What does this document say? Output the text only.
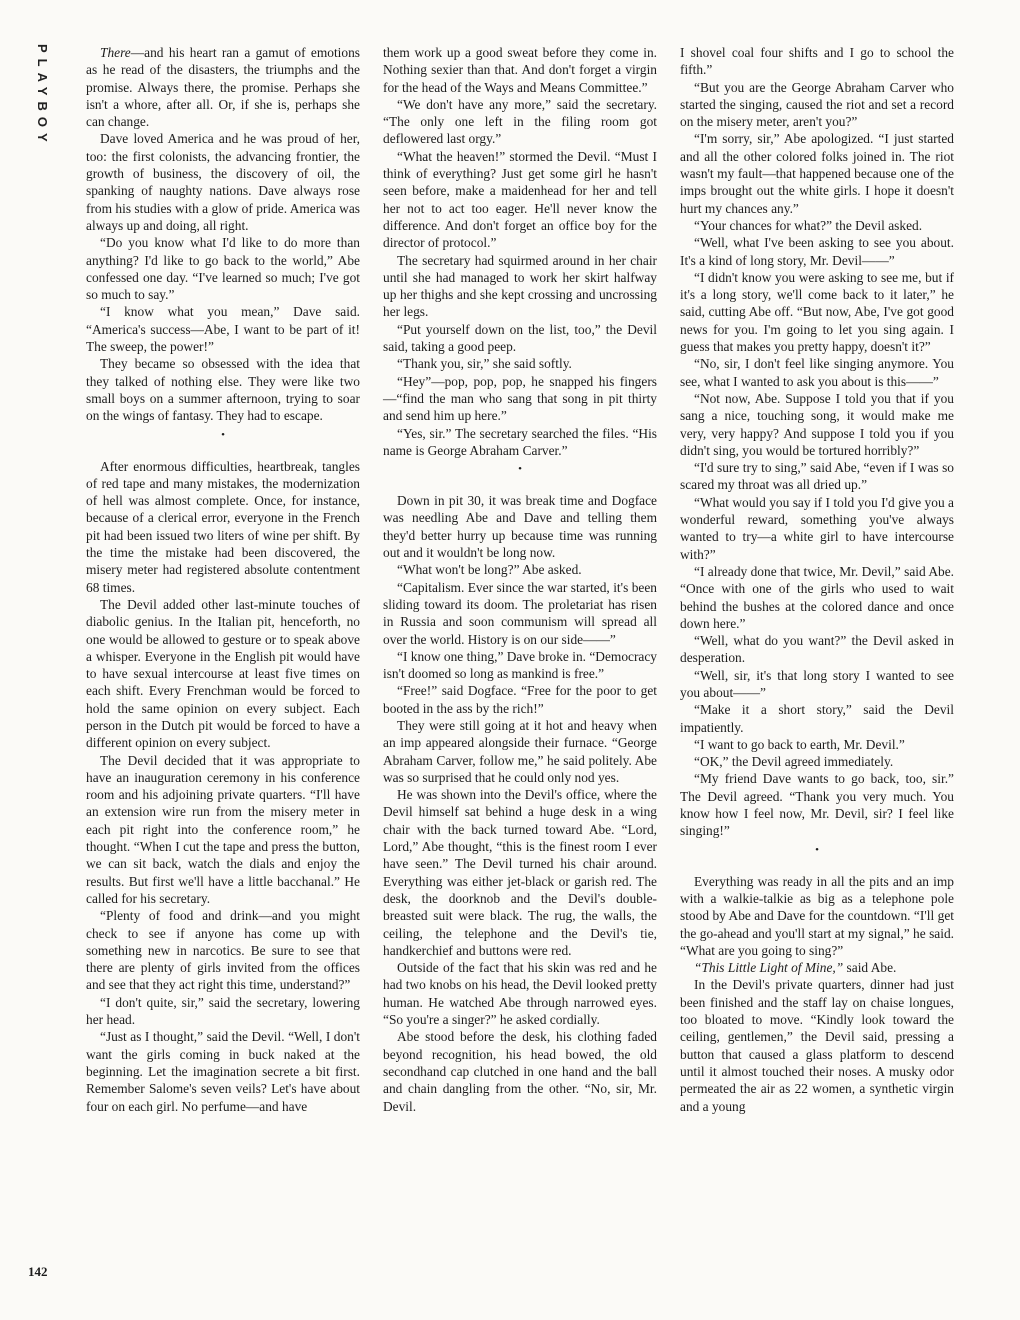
PLAYBOY
142

There—and his heart ran a gamut of emotions as he read of the disasters, the triumphs and the promise. Always there, the promise. Perhaps she isn't a whore, after all. Or, if she is, perhaps she can change.

Dave loved America and he was proud of her, too: the first colonists, the advancing frontier, the growth of business, the discovery of oil, the spanking of naughty nations. Dave always rose from his studies with a glow of pride. America was always up and doing, all right.

“Do you know what I'd like to do more than anything? I'd like to go back to the world,” Abe confessed one day. “I've learned so much; I've got so much to say.”

“I know what you mean,” Dave said. “America's success—Abe, I want to be part of it! The sweep, the power!”

They became so obsessed with the idea that they talked of nothing else. They were like two small boys on a summer afternoon, trying to soar on the wings of fantasy. They had to escape.

•

After enormous difficulties, heartbreak, tangles of red tape and many mistakes, the modernization of hell was almost complete. Once, for instance, because of a clerical error, everyone in the French pit had been issued two liters of wine per shift. By the time the mistake had been discovered, the misery meter had registered absolute contentment 68 times.

The Devil added other last-minute touches of diabolic genius. In the Italian pit, henceforth, no one would be allowed to gesture or to speak above a whisper. Everyone in the English pit would have to have sexual intercourse at least five times on each shift. Every Frenchman would be forced to hold the same opinion on every subject. Each person in the Dutch pit would be forced to have a different opinion on every subject.

The Devil decided that it was appropriate to have an inauguration ceremony in his conference room and his adjoining private quarters. “I'll have an extension wire run from the misery meter in each pit right into the conference room,” he thought. “When I cut the tape and press the button, we can sit back, watch the dials and enjoy the results. But first we'll have a little bacchanal.” He called for his secretary.

“Plenty of food and drink—and you might check to see if anyone has come up with something new in narcotics. Be sure to see that there are plenty of girls invited from the offices and see that they act right this time, understand?”

“I don't quite, sir,” said the secretary, lowering her head.

“Just as I thought,” said the Devil. “Well, I don't want the girls coming in buck naked at the beginning. Let the imagination secrete a bit first. Remember Salome's seven veils? Let's have about four on each girl. No perfume—and have

them work up a good sweat before they come in. Nothing sexier than that. And don't forget a virgin for the head of the Ways and Means Committee.”

“We don't have any more,” said the secretary. “The only one left in the filing room got deflowered last orgy.”

“What the heaven!” stormed the Devil. “Must I think of everything? Just get some girl he hasn't seen before, make a maidenhead for her and tell her not to act too eager. He'll never know the difference. And don't forget an office boy for the director of protocol.”

The secretary had squirmed around in her chair until she had managed to work her skirt halfway up her thighs and she kept crossing and uncrossing her legs.

“Put yourself down on the list, too,” the Devil said, taking a good peep.

“Thank you, sir,” she said softly.

“Hey”—pop, pop, pop, he snapped his fingers—“find the man who sang that song in pit thirty and send him up here.”

“Yes, sir.” The secretary searched the files. “His name is George Abraham Carver.”

•

Down in pit 30, it was break time and Dogface was needling Abe and Dave and telling them they'd better hurry up because time was running out and it wouldn't be long now.

“What won't be long?” Abe asked.

“Capitalism. Ever since the war started, it's been sliding toward its doom. The proletariat has risen in Russia and soon communism will spread all over the world. History is on our side——”

“I know one thing,” Dave broke in. “Democracy isn't doomed so long as mankind is free.”

“Free!” said Dogface. “Free for the poor to get booted in the ass by the rich!”

They were still going at it hot and heavy when an imp appeared alongside their furnace. “George Abraham Carver, follow me,” he said politely. Abe was so surprised that he could only nod yes.

He was shown into the Devil's office, where the Devil himself sat behind a huge desk in a wing chair with the back turned toward Abe. “Lord, Lord,” Abe thought, “this is the finest room I ever have seen.” The Devil turned his chair around. Everything was either jet-black or garish red. The desk, the doorknob and the Devil's double-breasted suit were black. The rug, the walls, the ceiling, the telephone and the Devil's tie, handkerchief and buttons were red.

Outside of the fact that his skin was red and he had two knobs on his head, the Devil looked pretty human. He watched Abe through narrowed eyes. “So you're a singer?” he asked cordially.

Abe stood before the desk, his clothing faded beyond recognition, his head bowed, the old secondhand cap clutched in one hand and the ball and chain dangling from the other. “No, sir, Mr. Devil.

I shovel coal four shifts and I go to school the fifth.”

“But you are the George Abraham Carver who started the singing, caused the riot and set a record on the misery meter, aren't you?”

“I'm sorry, sir,” Abe apologized. “I just started and all the other colored folks joined in. The riot wasn't my fault—that happened because one of the imps brought out the white girls. I hope it doesn't hurt my chances any.”

“Your chances for what?” the Devil asked.

“Well, what I've been asking to see you about. It's a kind of long story, Mr. Devil——”

“I didn't know you were asking to see me, but if it's a long story, we'll come back to it later,” he said, cutting Abe off. “But now, Abe, I've got good news for you. I'm going to let you sing again. I guess that makes you pretty happy, doesn't it?”

“No, sir, I don't feel like singing anymore. You see, what I wanted to ask you about is this——”

“Not now, Abe. Suppose I told you that if you sang a nice, touching song, it would make me very, very happy? And suppose I told you if you didn't sing, you would be tortured horribly?”

“I'd sure try to sing,” said Abe, “even if I was so scared my throat was all dried up.”

“What would you say if I told you I'd give you a wonderful reward, something you've always wanted to try—a white girl to have intercourse with?”

“I already done that twice, Mr. Devil,” said Abe. “Once with one of the girls who used to wait behind the bushes at the colored dance and once down here.”

“Well, what do you want?” the Devil asked in desperation.

“Well, sir, it's that long story I wanted to see you about——”

“Make it a short story,” said the Devil impatiently.

“I want to go back to earth, Mr. Devil.”

“OK,” the Devil agreed immediately.

“My friend Dave wants to go back, too, sir.” The Devil agreed. “Thank you very much. You know how I feel now, Mr. Devil, sir? I feel like singing!”

•

Everything was ready in all the pits and an imp with a walkie-talkie as big as a telephone pole stood by Abe and Dave for the countdown. “I'll get the go-ahead and you'll start at my signal,” he said. “What are you going to sing?”

“This Little Light of Mine,” said Abe.

In the Devil's private quarters, dinner had just been finished and the staff lay on chaise longues, too bloated to move. “Kindly look toward the ceiling, gentlemen,” the Devil said, pressing a button that caused a glass platform to descend until it almost touched their noses. A musky odor permeated the air as 22 women, a synthetic virgin and a young
